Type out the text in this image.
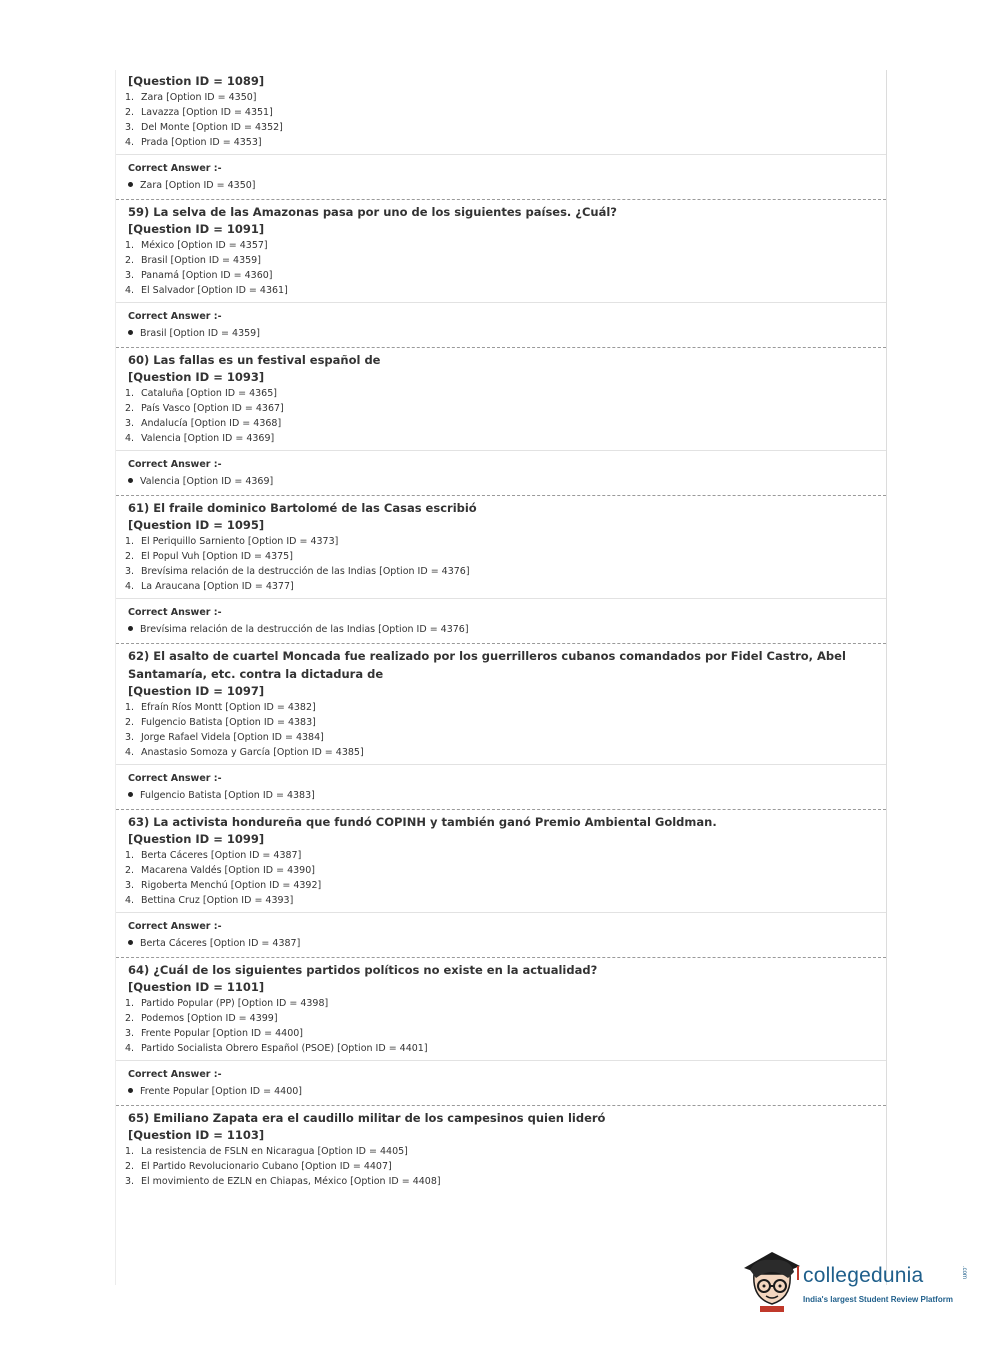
[Question ID = 1089]
1. Zara [Option ID = 4350]
2. Lavazza [Option ID = 4351]
3. Del Monte [Option ID = 4352]
4. Prada [Option ID = 4353]
Correct Answer :-
Zara [Option ID = 4350]
59) La selva de las Amazonas pasa por uno de los siguientes países. ¿Cuál?
[Question ID = 1091]
1. México [Option ID = 4357]
2. Brasil [Option ID = 4359]
3. Panamá [Option ID = 4360]
4. El Salvador [Option ID = 4361]
Correct Answer :-
Brasil [Option ID = 4359]
60) Las fallas es un festival español de
[Question ID = 1093]
1. Cataluña [Option ID = 4365]
2. País Vasco [Option ID = 4367]
3. Andalucía [Option ID = 4368]
4. Valencia [Option ID = 4369]
Correct Answer :-
Valencia [Option ID = 4369]
61) El fraile dominico Bartolomé de las Casas escribió
[Question ID = 1095]
1. El Periquillo Sarniento [Option ID = 4373]
2. El Popul Vuh [Option ID = 4375]
3. Brevísima relación de la destrucción de las Indias [Option ID = 4376]
4. La Araucana [Option ID = 4377]
Correct Answer :-
Brevísima relación de la destrucción de las Indias [Option ID = 4376]
62) El asalto de cuartel Moncada fue realizado por los guerrilleros cubanos comandados por Fidel Castro, Abel Santamaría, etc. contra la dictadura de
[Question ID = 1097]
1. Efraín Ríos Montt [Option ID = 4382]
2. Fulgencio Batista [Option ID = 4383]
3. Jorge Rafael Videla [Option ID = 4384]
4. Anastasio Somoza y García [Option ID = 4385]
Correct Answer :-
Fulgencio Batista [Option ID = 4383]
63) La activista hondureña que fundó COPINH y también ganó Premio Ambiental Goldman.
[Question ID = 1099]
1. Berta Cáceres [Option ID = 4387]
2. Macarena Valdés [Option ID = 4390]
3. Rigoberta Menchú [Option ID = 4392]
4. Bettina Cruz [Option ID = 4393]
Correct Answer :-
Berta Cáceres [Option ID = 4387]
64) ¿Cuál de los siguientes partidos políticos no existe en la actualidad?
[Question ID = 1101]
1. Partido Popular (PP) [Option ID = 4398]
2. Podemos [Option ID = 4399]
3. Frente Popular [Option ID = 4400]
4. Partido Socialista Obrero Español (PSOE) [Option ID = 4401]
Correct Answer :-
Frente Popular [Option ID = 4400]
65) Emiliano Zapata era el caudillo militar de los campesinos quien lideró
[Question ID = 1103]
1. La resistencia de FSLN en Nicaragua [Option ID = 4405]
2. El Partido Revolucionario Cubano [Option ID = 4407]
3. El movimiento de EZLN en Chiapas, México [Option ID = 4408]
collegedunia	.com
India's largest Student Review Platform
